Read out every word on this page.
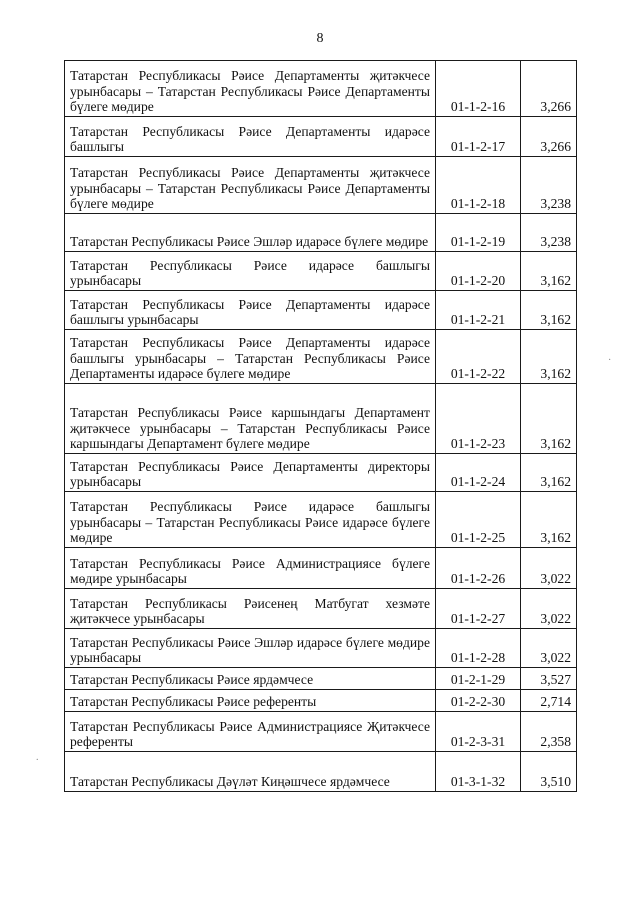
8
Татарстан Республикасы Рәисе Департаменты җитәкчесе урынбасары – Татарстан Республикасы Рәисе Департаменты бүлеге мөдире	01-1-2-16	3,266
Татарстан Республикасы Рәисе Департаменты идарәсе башлыгы	01-1-2-17	3,266
Татарстан Республикасы Рәисе Департаменты җитәкчесе урынбасары – Татарстан Республикасы Рәисе Департаменты бүлеге мөдире	01-1-2-18	3,238
Татарстан Республикасы Рәисе Эшләр идарәсе бүлеге мөдире	01-1-2-19	3,238
Татарстан Республикасы Рәисе идарәсе башлыгы урынбасары	01-1-2-20	3,162
Татарстан Республикасы Рәисе Департаменты идарәсе башлыгы урынбасары	01-1-2-21	3,162
Татарстан Республикасы Рәисе Департаменты идарәсе башлыгы урынбасары – Татарстан Республикасы Рәисе Департаменты идарәсе бүлеге мөдире	01-1-2-22	3,162
Татарстан Республикасы Рәисе каршындагы Департамент җитәкчесе урынбасары – Татарстан Республикасы Рәисе каршындагы Департамент бүлеге мөдире	01-1-2-23	3,162
Татарстан Республикасы Рәисе Департаменты директоры урынбасары	01-1-2-24	3,162
Татарстан Республикасы Рәисе идарәсе башлыгы урынбасары – Татарстан Республикасы Рәисе идарәсе бүлеге мөдире	01-1-2-25	3,162
Татарстан Республикасы Рәисе Администрациясе бүлеге мөдире урынбасары	01-1-2-26	3,022
Татарстан Республикасы Рәисенең Матбугат хезмәте җитәкчесе урынбасары	01-1-2-27	3,022
Татарстан Республикасы Рәисе Эшләр идарәсе бүлеге мөдире урынбасары	01-1-2-28	3,022
Татарстан Республикасы Рәисе ярдәмчесе	01-2-1-29	3,527
Татарстан Республикасы Рәисе референты	01-2-2-30	2,714
Татарстан Республикасы Рәисе Администрациясе Җитәкчесе референты	01-2-3-31	2,358
Татарстан Республикасы Дәүләт Киңәшчесе ярдәмчесе	01-3-1-32	3,510
·
.
